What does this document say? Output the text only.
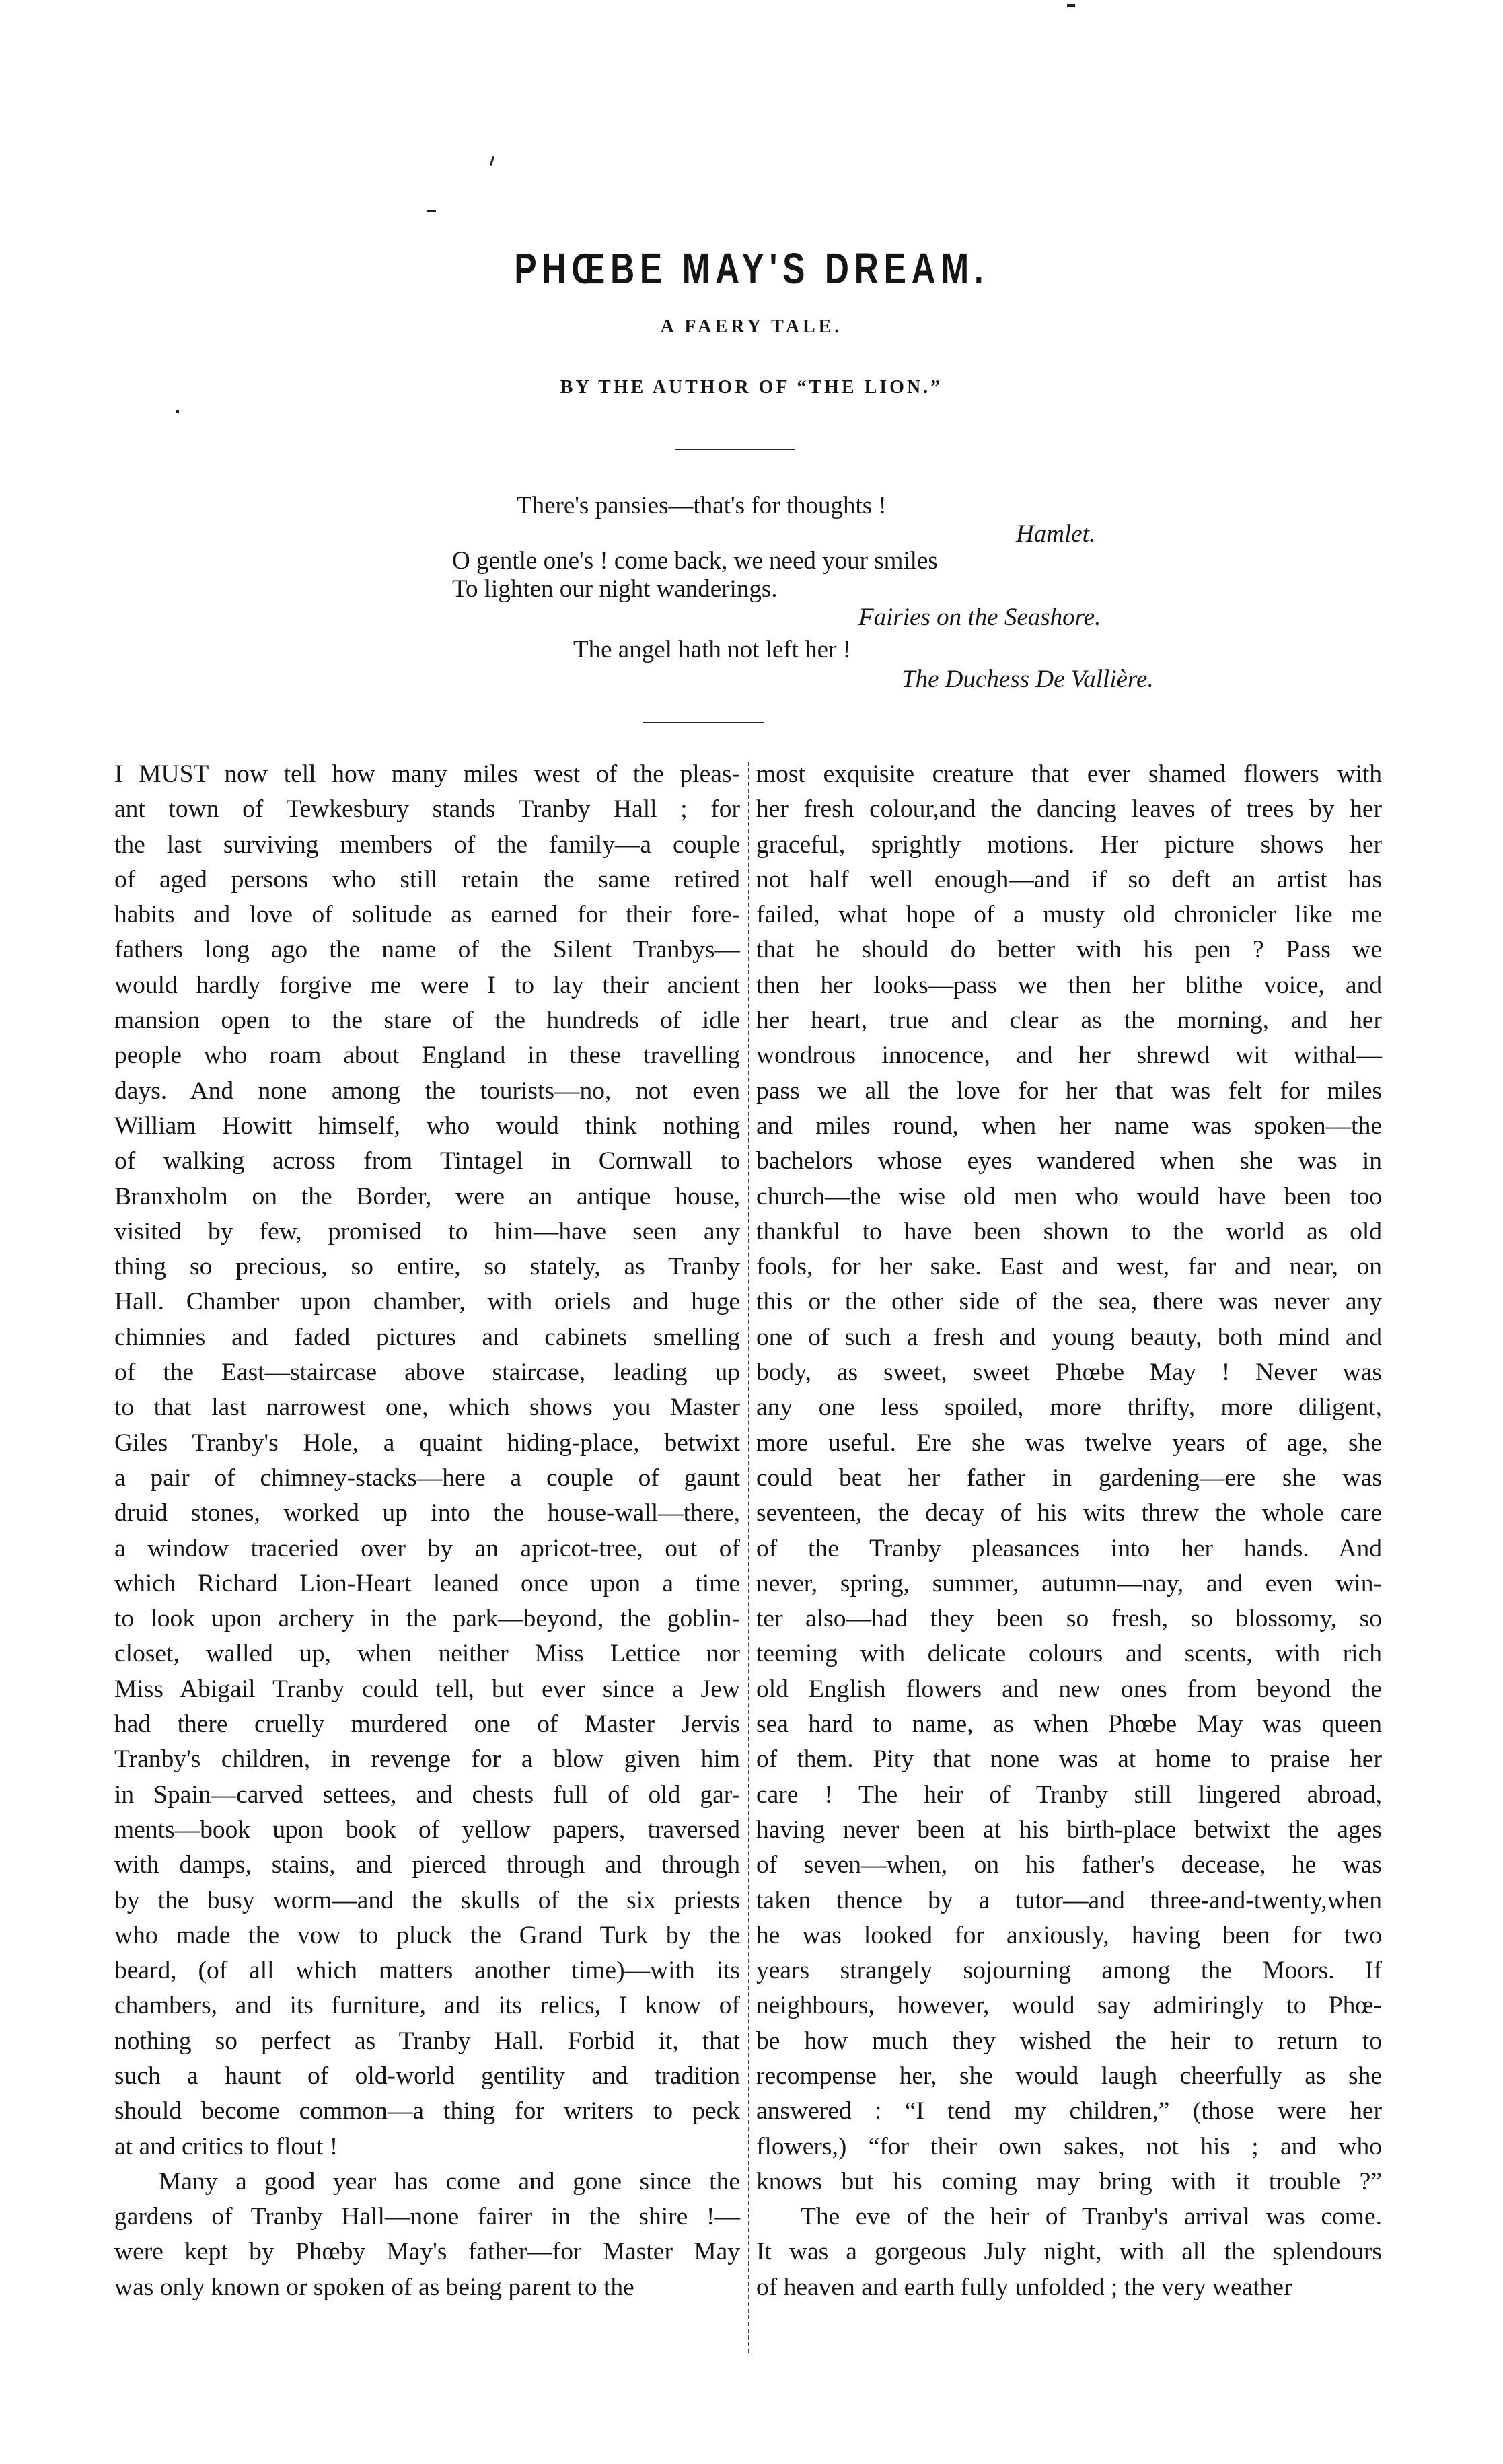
PHŒBE MAY'S DREAM.
A FAERY TALE.
BY THE AUTHOR OF “THE LION.”
There's pansies—that's for thoughts !
Hamlet.
O gentle one's ! come back, we need your smiles
To lighten our night wanderings.
Fairies on the Seashore.
The angel hath not left her !
The Duchess De Vallière.
I MUST now tell how many miles west of the pleas-
ant town of Tewkesbury stands Tranby Hall ; for
the last surviving members of the family—a couple
of aged persons who still retain the same retired
habits and love of solitude as earned for their fore-
fathers long ago the name of the Silent Tranbys—
would hardly forgive me were I to lay their ancient
mansion open to the stare of the hundreds of idle
people who roam about England in these travelling
days. And none among the tourists—no, not even
William Howitt himself, who would think nothing
of walking across from Tintagel in Cornwall to
Branxholm on the Border, were an antique house,
visited by few, promised to him—have seen any
thing so precious, so entire, so stately, as Tranby
Hall. Chamber upon chamber, with oriels and huge
chimnies and faded pictures and cabinets smelling
of the East—staircase above staircase, leading up
to that last narrowest one, which shows you Master
Giles Tranby's Hole, a quaint hiding-place, betwixt
a pair of chimney-stacks—here a couple of gaunt
druid stones, worked up into the house-wall—there,
a window traceried over by an apricot-tree, out of
which Richard Lion-Heart leaned once upon a time
to look upon archery in the park—beyond, the goblin-
closet, walled up, when neither Miss Lettice nor
Miss Abigail Tranby could tell, but ever since a Jew
had there cruelly murdered one of Master Jervis
Tranby's children, in revenge for a blow given him
in Spain—carved settees, and chests full of old gar-
ments—book upon book of yellow papers, traversed
with damps, stains, and pierced through and through
by the busy worm—and the skulls of the six priests
who made the vow to pluck the Grand Turk by the
beard, (of all which matters another time)—with its
chambers, and its furniture, and its relics, I know of
nothing so perfect as Tranby Hall. Forbid it, that
such a haunt of old-world gentility and tradition
should become common—a thing for writers to peck
at and critics to flout !
Many a good year has come and gone since the
gardens of Tranby Hall—none fairer in the shire !—
were kept by Phœby May's father—for Master May
was only known or spoken of as being parent to the
most exquisite creature that ever shamed flowers with
her fresh colour,and the dancing leaves of trees by her
graceful, sprightly motions. Her picture shows her
not half well enough—and if so deft an artist has
failed, what hope of a musty old chronicler like me
that he should do better with his pen ? Pass we
then her looks—pass we then her blithe voice, and
her heart, true and clear as the morning, and her
wondrous innocence, and her shrewd wit withal—
pass we all the love for her that was felt for miles
and miles round, when her name was spoken—the
bachelors whose eyes wandered when she was in
church—the wise old men who would have been too
thankful to have been shown to the world as old
fools, for her sake. East and west, far and near, on
this or the other side of the sea, there was never any
one of such a fresh and young beauty, both mind and
body, as sweet, sweet Phœbe May ! Never was
any one less spoiled, more thrifty, more diligent,
more useful. Ere she was twelve years of age, she
could beat her father in gardening—ere she was
seventeen, the decay of his wits threw the whole care
of the Tranby pleasances into her hands. And
never, spring, summer, autumn—nay, and even win-
ter also—had they been so fresh, so blossomy, so
teeming with delicate colours and scents, with rich
old English flowers and new ones from beyond the
sea hard to name, as when Phœbe May was queen
of them. Pity that none was at home to praise her
care ! The heir of Tranby still lingered abroad,
having never been at his birth-place betwixt the ages
of seven—when, on his father's decease, he was
taken thence by a tutor—and three-and-twenty,when
he was looked for anxiously, having been for two
years strangely sojourning among the Moors. If
neighbours, however, would say admiringly to Phœ-
be how much they wished the heir to return to
recompense her, she would laugh cheerfully as she
answered : “I tend my children,” (those were her
flowers,) “for their own sakes, not his ; and who
knows but his coming may bring with it trouble ?”
The eve of the heir of Tranby's arrival was come.
It was a gorgeous July night, with all the splendours
of heaven and earth fully unfolded ; the very weather
